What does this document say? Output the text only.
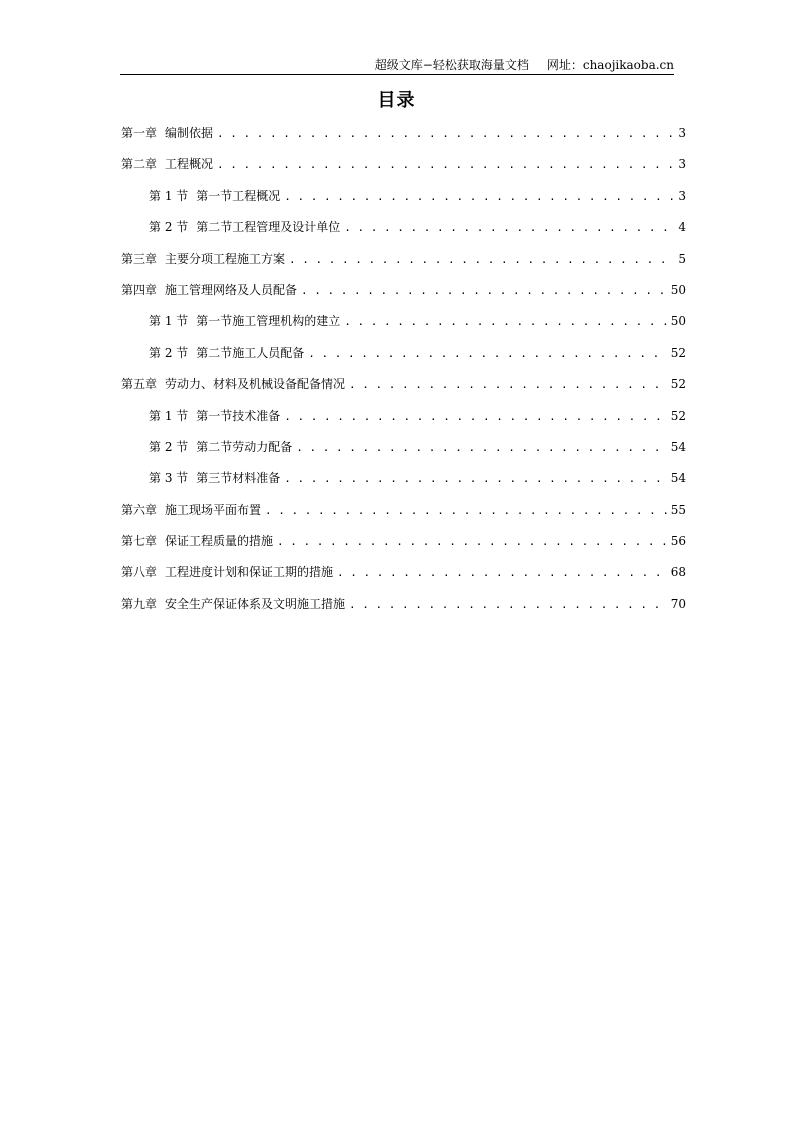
超级文库−轻松获取海量文档 网址：chaojikaoba.cn
目录
第一章 编制依据 . . .	3
第二章 工程概况 . . .	3
第 1 节 第一节工程概况 . . .	3
第 2 节 第二节工程管理及设计单位 . . .	4
第三章 主要分项工程施工方案 . . .	5
第四章 施工管理网络及人员配备 . . .	50
第 1 节 第一节施工管理机构的建立 . . .	50
第 2 节 第二节施工人员配备 . . .	52
第五章 劳动力、材料及机械设备配备情况 . . .	52
第 1 节 第一节技术准备 . . .	52
第 2 节 第二节劳动力配备 . . .	54
第 3 节 第三节材料准备 . . .	54
第六章 施工现场平面布置 . . .	55
第七章 保证工程质量的措施 . . .	56
第八章 工程进度计划和保证工期的措施 . . .	68
第九章 安全生产保证体系及文明施工措施 . . .	70
